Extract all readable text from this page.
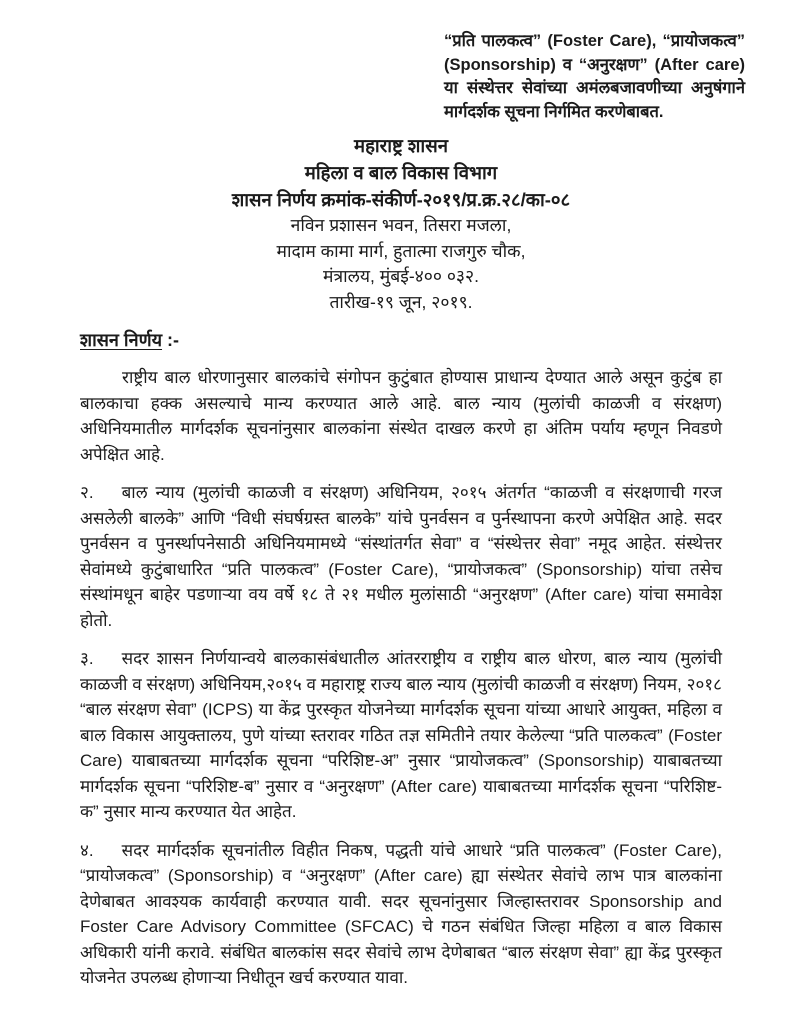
“प्रति पालकत्व” (Foster Care), “प्रायोजकत्व” (Sponsorship) व “अनुरक्षण” (After care) या संस्थेत्तर सेवांच्या अमंलबजावणीच्या अनुषंगाने मार्गदर्शक सूचना निर्गमित करणेबाबत.
महाराष्ट्र शासन
महिला व बाल विकास विभाग
शासन निर्णय क्रमांक-संकीर्ण-२०१९/प्र.क्र.२८/का-०८
नविन प्रशासन भवन, तिसरा मजला,
मादाम कामा मार्ग, हुतात्मा राजगुरु चौक,
मंत्रालय, मुंबई-४०० ०३२.
तारीख-१९ जून, २०१९.
शासन निर्णय :-
राष्ट्रीय बाल धोरणानुसार बालकांचे संगोपन कुटुंबात होण्यास प्राधान्य देण्यात आले असून कुटुंब हा बालकाचा हक्क असल्याचे मान्य करण्यात आले आहे. बाल न्याय (मुलांची काळजी व संरक्षण) अधिनियमातील मार्गदर्शक सूचनांनुसार बालकांना संस्थेत दाखल करणे हा अंतिम पर्याय म्हणून निवडणे अपेक्षित आहे.
२. बाल न्याय (मुलांची काळजी व संरक्षण) अधिनियम, २०१५ अंतर्गत “काळजी व संरक्षणाची गरज असलेली बालके” आणि “विधी संघर्षग्रस्त बालके” यांचे पुनर्वसन व पुर्नस्थापना करणे अपेक्षित आहे. सदर पुनर्वसन व पुनर्स्थापनेसाठी अधिनियमामध्ये “संस्थांतर्गत सेवा” व “संस्थेत्तर सेवा” नमूद आहेत. संस्थेत्तर सेवांमध्ये कुटुंबाधारित “प्रति पालकत्व” (Foster Care), “प्रायोजकत्व” (Sponsorship) यांचा तसेच संस्थांमधून बाहेर पडणाऱ्या वय वर्षे १८ ते २१ मधील मुलांसाठी “अनुरक्षण” (After care) यांचा समावेश होतो.
३. सदर शासन निर्णयान्वये बालकासंबंधातील आंतरराष्ट्रीय व राष्ट्रीय बाल धोरण, बाल न्याय (मुलांची काळजी व संरक्षण) अधिनियम,२०१५ व महाराष्ट्र राज्य बाल न्याय (मुलांची काळजी व संरक्षण) नियम, २०१८ “बाल संरक्षण सेवा” (ICPS) या केंद्र पुरस्कृत योजनेच्या मार्गदर्शक सूचना यांच्या आधारे आयुक्त, महिला व बाल विकास आयुक्तालय, पुणे यांच्या स्तरावर गठित तज्ञ समितीने तयार केलेल्या “प्रति पालकत्व” (Foster Care) याबाबतच्या मार्गदर्शक सूचना “परिशिष्ट-अ” नुसार “प्रायोजकत्व” (Sponsorship) याबाबतच्या मार्गदर्शक सूचना “परिशिष्ट-ब” नुसार व “अनुरक्षण” (After care) याबाबतच्या मार्गदर्शक सूचना “परिशिष्ट-क” नुसार मान्य करण्यात येत आहेत.
४. सदर मार्गदर्शक सूचनांतील विहीत निकष, पद्धती यांचे आधारे “प्रति पालकत्व” (Foster Care), “प्रायोजकत्व” (Sponsorship) व “अनुरक्षण” (After care) ह्या संस्थेतर सेवांचे लाभ पात्र बालकांना देणेबाबत आवश्यक कार्यवाही करण्यात यावी. सदर सूचनांनुसार जिल्हास्तरावर Sponsorship and Foster Care Advisory Committee (SFCAC) चे गठन संबंधित जिल्हा महिला व बाल विकास अधिकारी यांनी करावे. संबंधित बालकांस सदर सेवांचे लाभ देणेबाबत “बाल संरक्षण सेवा” ह्या केंद्र पुरस्कृत योजनेत उपलब्ध होणाऱ्या निधीतून खर्च करण्यात यावा.
